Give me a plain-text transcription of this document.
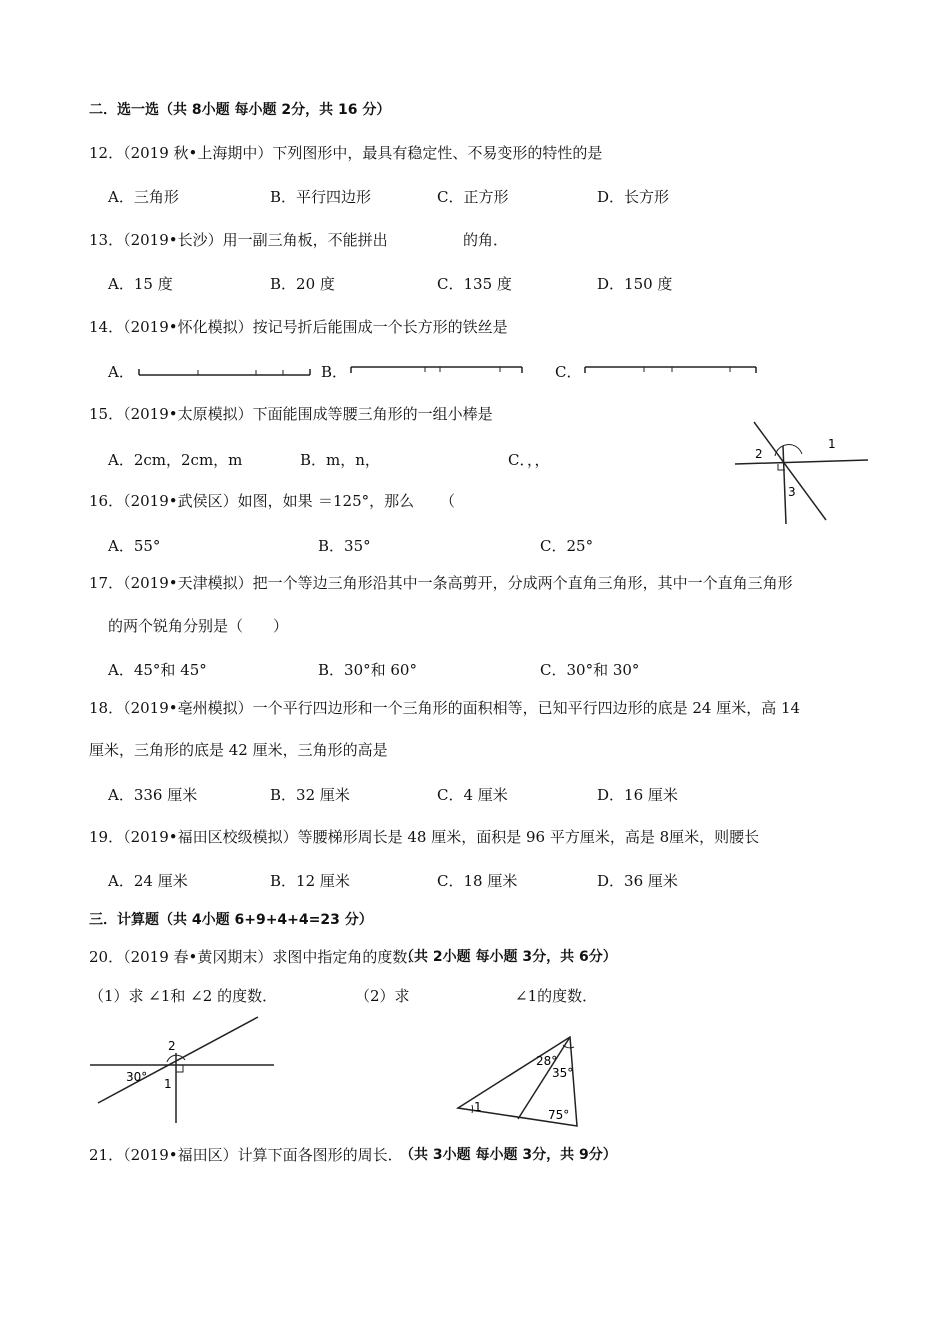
二．选一选（共 8小题 每小题 2分，共 16 分）
12．（2019 秋•上海期中）下列图形中，最具有稳定性、不易变形的特性的是
A．三角形	B．平行四边形	C．正方形	D．长方形
13．（2019•长沙）用一副三角板，不能拼出	的角．
A．15 度	B．20 度	C．135 度	D．150 度
14．（2019•怀化模拟）按记号折后能围成一个长方形的铁丝是
A．	B．	C．
15．（2019•太原模拟）下面能围成等腰三角形的一组小棒是
A．2cm，2cm，m	B．m，n，	C．，，
1
2
3
16．（2019•武侯区）如图，如果 ＝125°，那么 （
A．55°	B．35°	C．25°
17．（2019•天津模拟）把一个等边三角形沿其中一条高剪开，分成两个直角三角形，其中一个直角三角形
的两个锐角分别是（　　）
A．45°和 45°	B．30°和 60°	C．30°和 30°
18．（2019•亳州模拟）一个平行四边形和一个三角形的面积相等，已知平行四边形的底是 24 厘米，高 14
厘米，三角形的底是 42 厘米，三角形的高是
A．336 厘米	B．32 厘米	C．4 厘米	D．16 厘米
19．（2019•福田区校级模拟）等腰梯形周长是 48 厘米，面积是 96 平方厘米，高是 8厘米，则腰长
A．24 厘米	B．12 厘米	C．18 厘米	D．36 厘米
三．计算题（共 4小题 6+9+4+4=23 分）
20．（2019 春•黄冈期末）求图中指定角的度数．
（共 2小题 每小题 3分，共 6分）
（1）求 ∠1和 ∠2 的度数．	（2）求	∠1的度数．
30°
2
1
28°
35°
75°
1
21．（2019•福田区）计算下面各图形的周长．
（共 3小题 每小题 3分，共 9分）
